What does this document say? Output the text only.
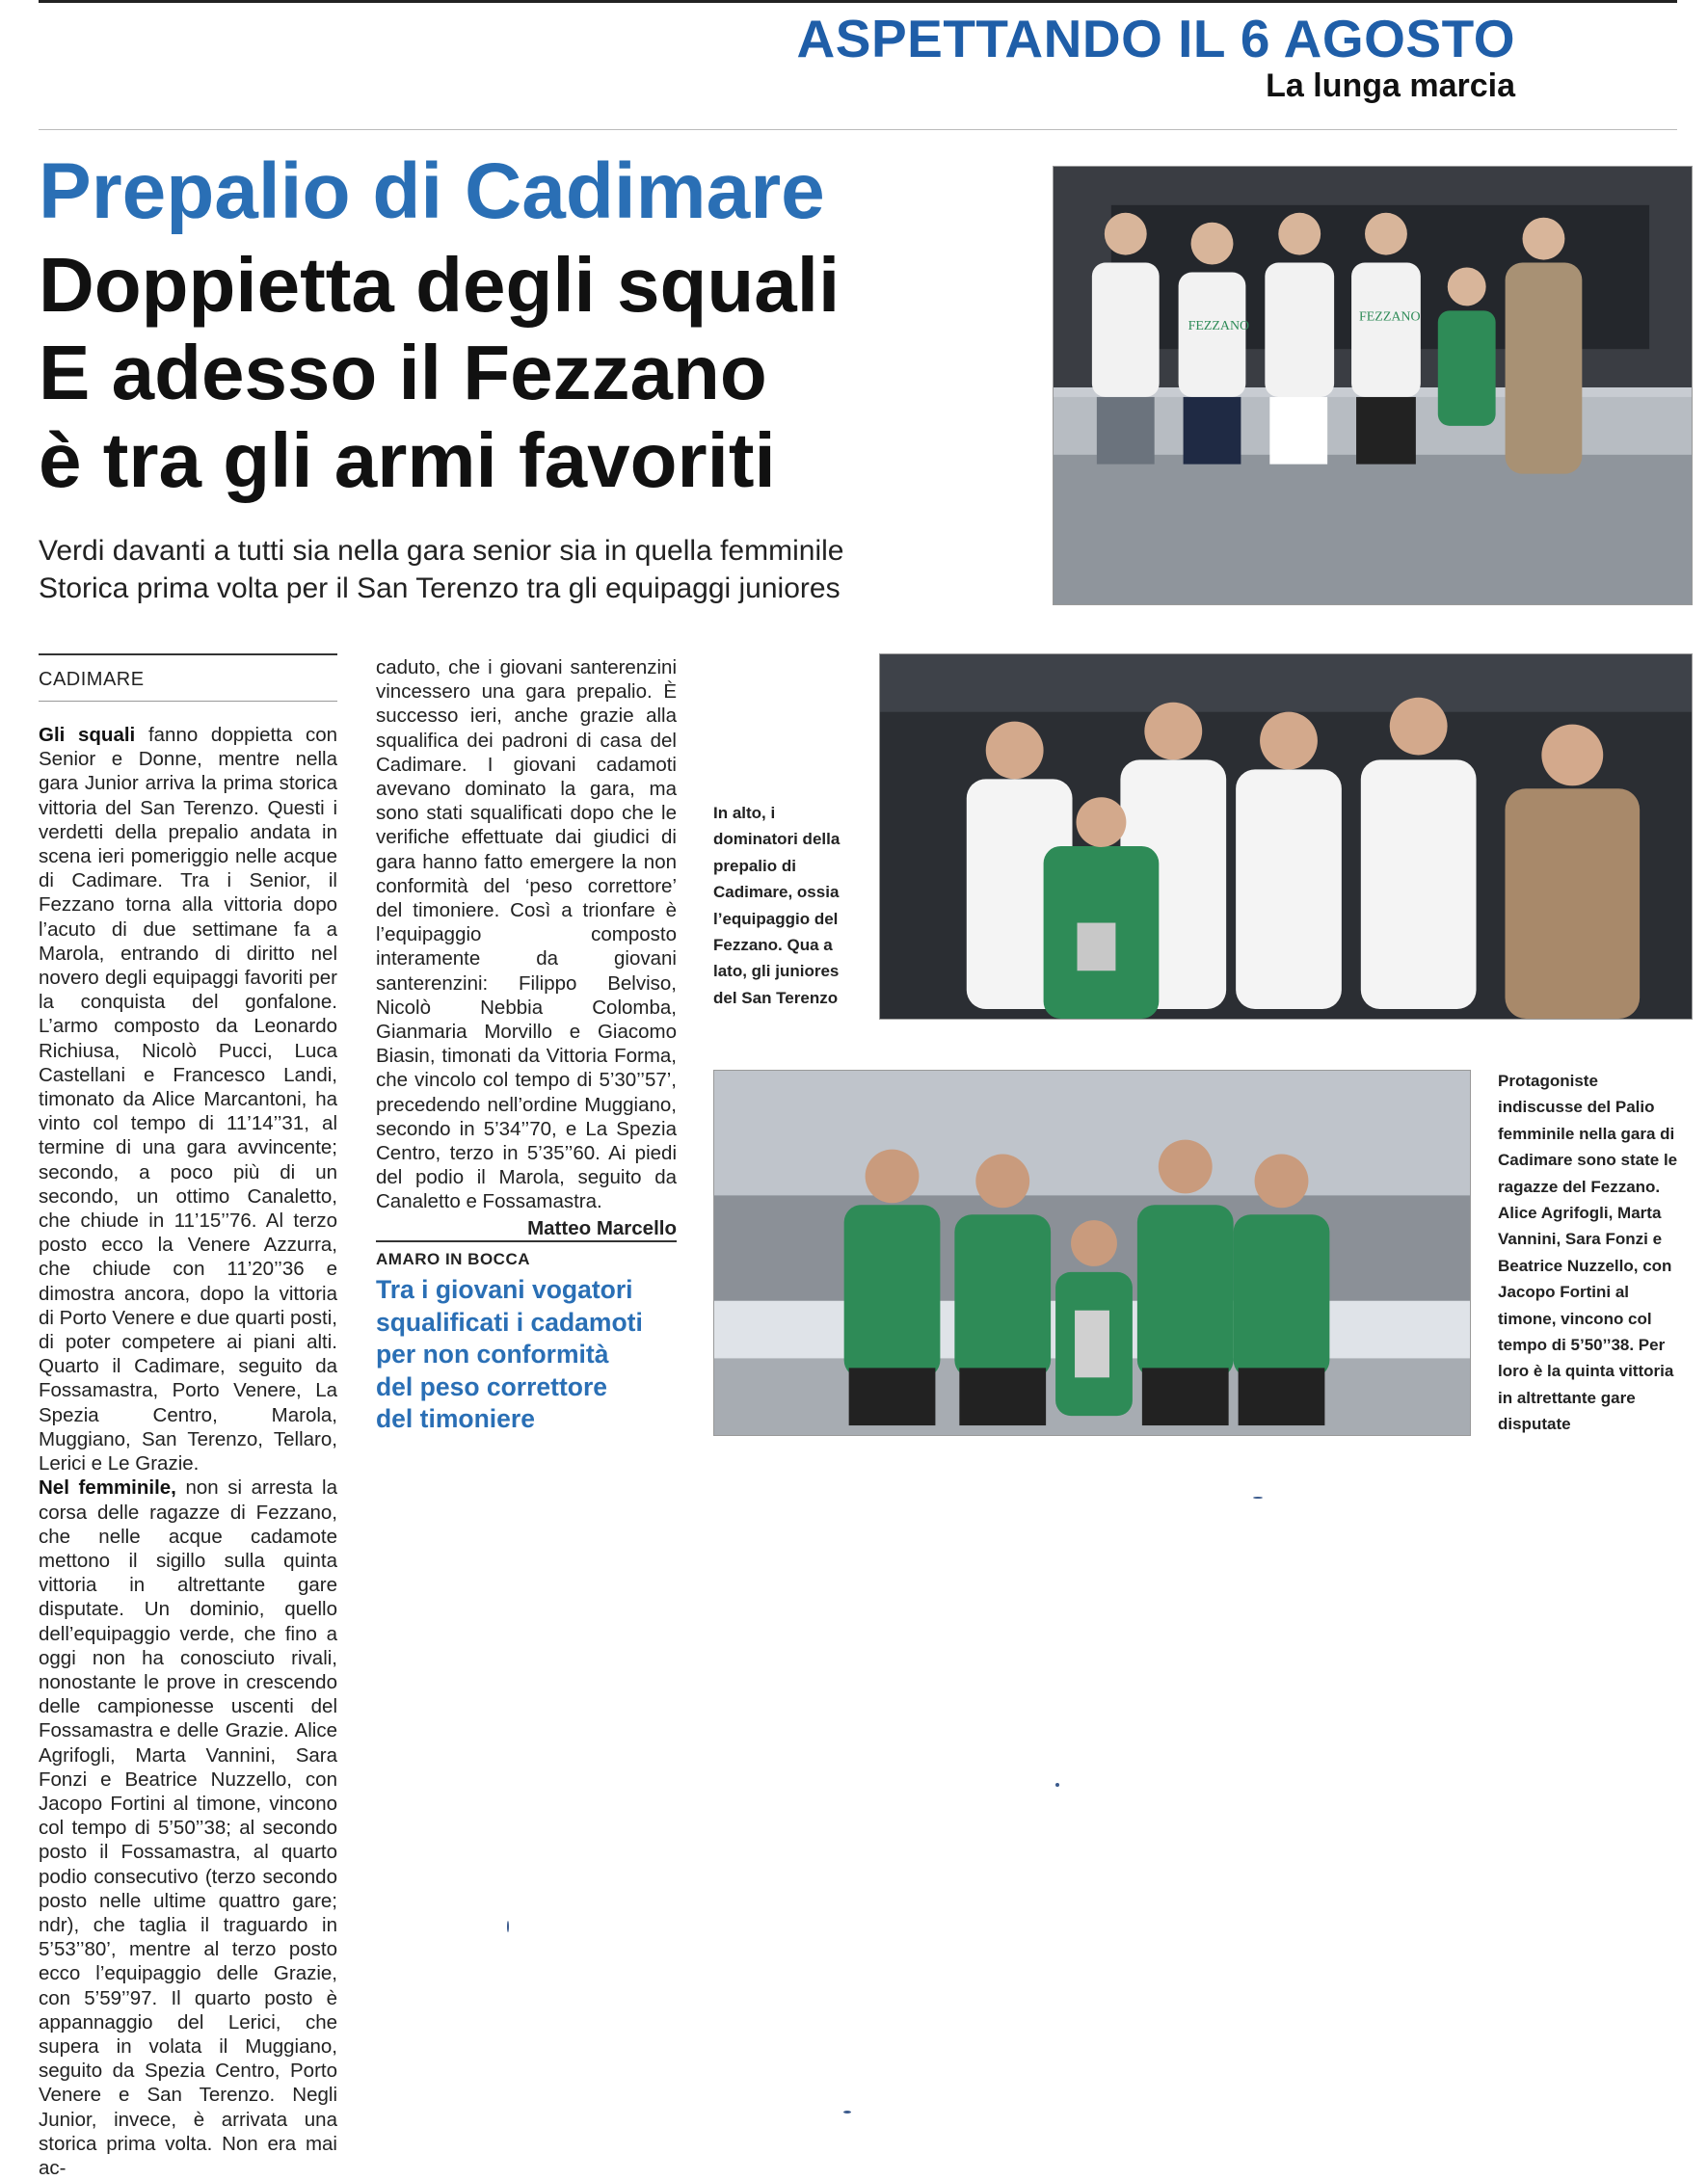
ASPETTANDO IL 6 AGOSTO
La lunga marcia
Prepalio di Cadimare
Doppietta degli squali
E adesso il Fezzano
è tra gli armi favoriti
Verdi davanti a tutti sia nella gara senior sia in quella femminile
Storica prima volta per il San Terenzo tra gli equipaggi juniores
FEZZANO
FEZZANO
CADIMARE

Gli squali fanno doppietta con Senior e Donne, mentre nella gara Junior arriva la prima storica vittoria del San Terenzo. Questi i verdetti della prepalio andata in scena ieri pomeriggio nelle acque di Cadimare. Tra i Senior, il Fezzano torna alla vittoria dopo l’acuto di due settimane fa a Marola, entrando di diritto nel novero degli equipaggi favoriti per la conquista del gonfalone. L’armo composto da Leonardo Richiusa, Nicolò Pucci, Luca Castellani e Francesco Landi, timonato da Alice Marcantoni, ha vinto col tempo di 11’14’’31, al termine di una gara avvincente; secondo, a poco più di un secondo, un ottimo Canaletto, che chiude in 11’15’’76. Al terzo posto ecco la Venere Azzurra, che chiude con 11’20’’36 e dimostra ancora, dopo la vittoria di Porto Venere e due quarti posti, di poter competere ai piani alti. Quarto il Cadimare, seguito da Fossamastra, Porto Venere, La Spezia Centro, Marola, Muggiano, San Terenzo, Tellaro, Lerici e Le Grazie.

Nel femminile, non si arresta la corsa delle ragazze di Fezzano, che nelle acque cadamote mettono il sigillo sulla quinta vittoria in altrettante gare disputate. Un dominio, quello dell’equipaggio verde, che fino a oggi non ha conosciuto rivali, nonostante le prove in crescendo delle campionesse uscenti del Fossamastra e delle Grazie. Alice Agrifogli, Marta Vannini, Sara Fonzi e Beatrice Nuzzello, con Jacopo Fortini al timone, vincono col tempo di 5’50’’38; al secondo posto il Fossamastra, al quarto podio consecutivo (terzo secondo posto nelle ultime quattro gare; ndr), che taglia il traguardo in 5’53’’80’, mentre al terzo posto ecco l’equipaggio delle Grazie, con 5’59’’97. Il quarto posto è appannaggio del Lerici, che supera in volata il Muggiano, seguito da Spezia Centro, Porto Venere e San Terenzo. Negli Junior, invece, è arrivata una storica prima volta. Non era mai ac-

caduto, che i giovani santerenzini vincessero una gara prepalio. È successo ieri, anche grazie alla squalifica dei padroni di casa del Cadimare. I giovani cadamoti avevano dominato la gara, ma sono stati squalificati dopo che le verifiche effettuate dai giudici di gara hanno fatto emergere la non conformità del ‘peso correttore’ del timoniere. Così a trionfare è l’equipaggio composto interamente da giovani santerenzini: Filippo Belviso, Nicolò Nebbia Colomba, Gianmaria Morvillo e Giacomo Biasin, timonati da Vittoria Forma, che vincolo col tempo di 5’30’’57’, precedendo nell’ordine Muggiano, secondo in 5’34’’70, e La Spezia Centro, terzo in 5’35’’60. Ai piedi del podio il Marola, seguito da Canaletto e Fossamastra.

Matteo Marcello
AMARO IN BOCCA
Tra i giovani vogatori
squalificati i cadamoti
per non conformità
del peso correttore
del timoniere
In alto, i
dominatori della
prepalio di
Cadimare, ossia
l’equipaggio del
Fezzano. Qua a
lato, gli juniores
del San Terenzo
Protagoniste
indiscusse del Palio
femminile nella gara di
Cadimare sono state le
ragazze del Fezzano.
Alice Agrifogli, Marta
Vannini, Sara Fonzi e
Beatrice Nuzzello, con
Jacopo Fortini al
timone, vincono col
tempo di 5’50’’38. Per
loro è la quinta vittoria
in altrettante gare
disputate
